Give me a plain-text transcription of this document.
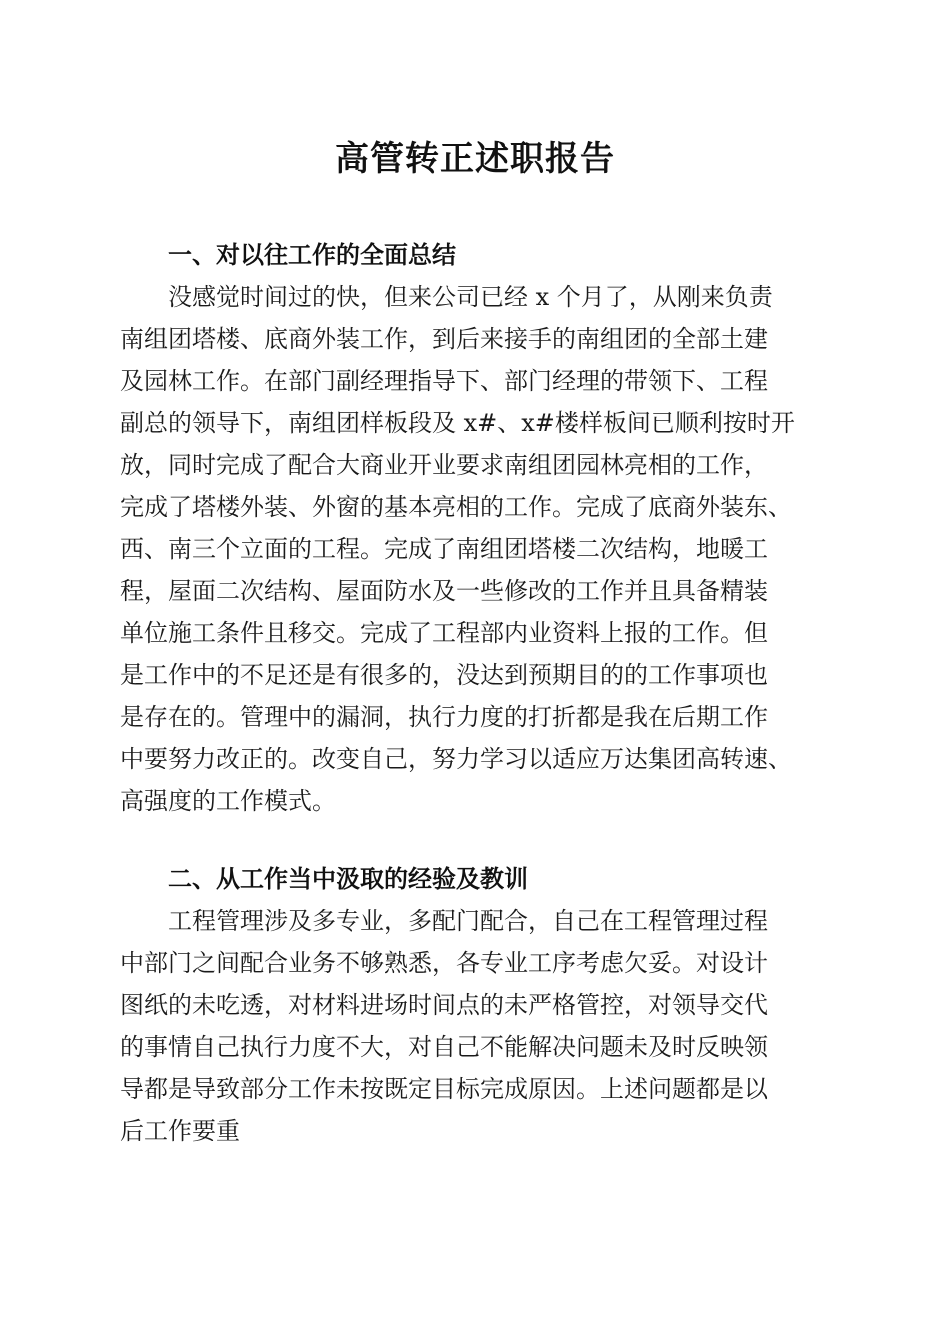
高管转正述职报告
一、对以往工作的全面总结
没感觉时间过的快，但来公司已经 x 个月了，从刚来负责
南组团塔楼、底商外装工作，到后来接手的南组团的全部土建
及园林工作。在部门副经理指导下、部门经理的带领下、工程
副总的领导下，南组团样板段及 x#、x#楼样板间已顺利按时开
放，同时完成了配合大商业开业要求南组团园林亮相的工作，
完成了塔楼外装、外窗的基本亮相的工作。完成了底商外装东、
西、南三个立面的工程。完成了南组团塔楼二次结构，地暖工
程，屋面二次结构、屋面防水及一些修改的工作并且具备精装
单位施工条件且移交。完成了工程部内业资料上报的工作。但
是工作中的不足还是有很多的，没达到预期目的的工作事项也
是存在的。管理中的漏洞，执行力度的打折都是我在后期工作
中要努力改正的。改变自己，努力学习以适应万达集团高转速、
高强度的工作模式。
二、从工作当中汲取的经验及教训
工程管理涉及多专业，多配门配合，自己在工程管理过程
中部门之间配合业务不够熟悉，各专业工序考虑欠妥。对设计
图纸的未吃透，对材料进场时间点的未严格管控，对领导交代
的事情自己执行力度不大，对自己不能解决问题未及时反映领
导都是导致部分工作未按既定目标完成原因。上述问题都是以
后工作要重
